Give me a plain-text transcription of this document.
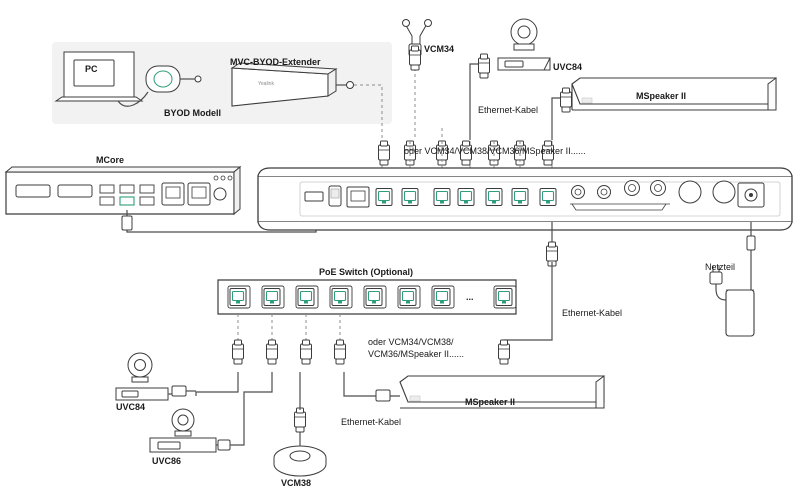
Yealink
PC
MVC-BYOD-Extender
BYOD Modell
VCM34
UVC84
MSpeaker II
Ethernet-Kabel
oder VCM34/VCM38/VCM36/MSpeaker II......
MCore
PoE Switch (Optional)
...
oder VCM34/VCM38/
VCM36/MSpeaker II......
Ethernet-Kabel
Netzteil
UVC84
UVC86
VCM38
MSpeaker II
Ethernet-Kabel
